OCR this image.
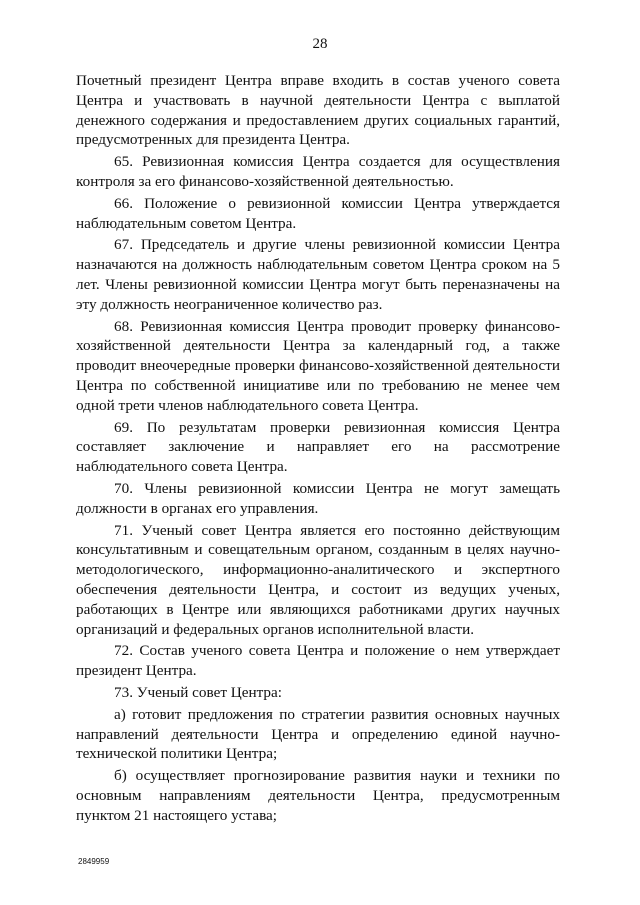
28

Почетный президент Центра вправе входить в состав ученого совета Центра и участвовать в научной деятельности Центра с выплатой денежного содержания и предоставлением других социальных гарантий, предусмотренных для президента Центра.

65. Ревизионная комиссия Центра создается для осуществления контроля за его финансово-хозяйственной деятельностью.

66. Положение о ревизионной комиссии Центра утверждается наблюдательным советом Центра.

67. Председатель и другие члены ревизионной комиссии Центра назначаются на должность наблюдательным советом Центра сроком на 5 лет. Члены ревизионной комиссии Центра могут быть переназначены на эту должность неограниченное количество раз.

68. Ревизионная комиссия Центра проводит проверку финансово-хозяйственной деятельности Центра за календарный год, а также проводит внеочередные проверки финансово-хозяйственной деятельности Центра по собственной инициативе или по требованию не менее чем одной трети членов наблюдательного совета Центра.

69. По результатам проверки ревизионная комиссия Центра составляет заключение и направляет его на рассмотрение наблюдательного совета Центра.

70. Члены ревизионной комиссии Центра не могут замещать должности в органах его управления.

71. Ученый совет Центра является его постоянно действующим консультативным и совещательным органом, созданным в целях научно-методологического, информационно-аналитического и экспертного обеспечения деятельности Центра, и состоит из ведущих ученых, работающих в Центре или являющихся работниками других научных организаций и федеральных органов исполнительной власти.

72. Состав ученого совета Центра и положение о нем утверждает президент Центра.

73. Ученый совет Центра:

а) готовит предложения по стратегии развития основных научных направлений деятельности Центра и определению единой научно-технической политики Центра;

б) осуществляет прогнозирование развития науки и техники по основным направлениям деятельности Центра, предусмотренным пунктом 21 настоящего устава;

2849959
